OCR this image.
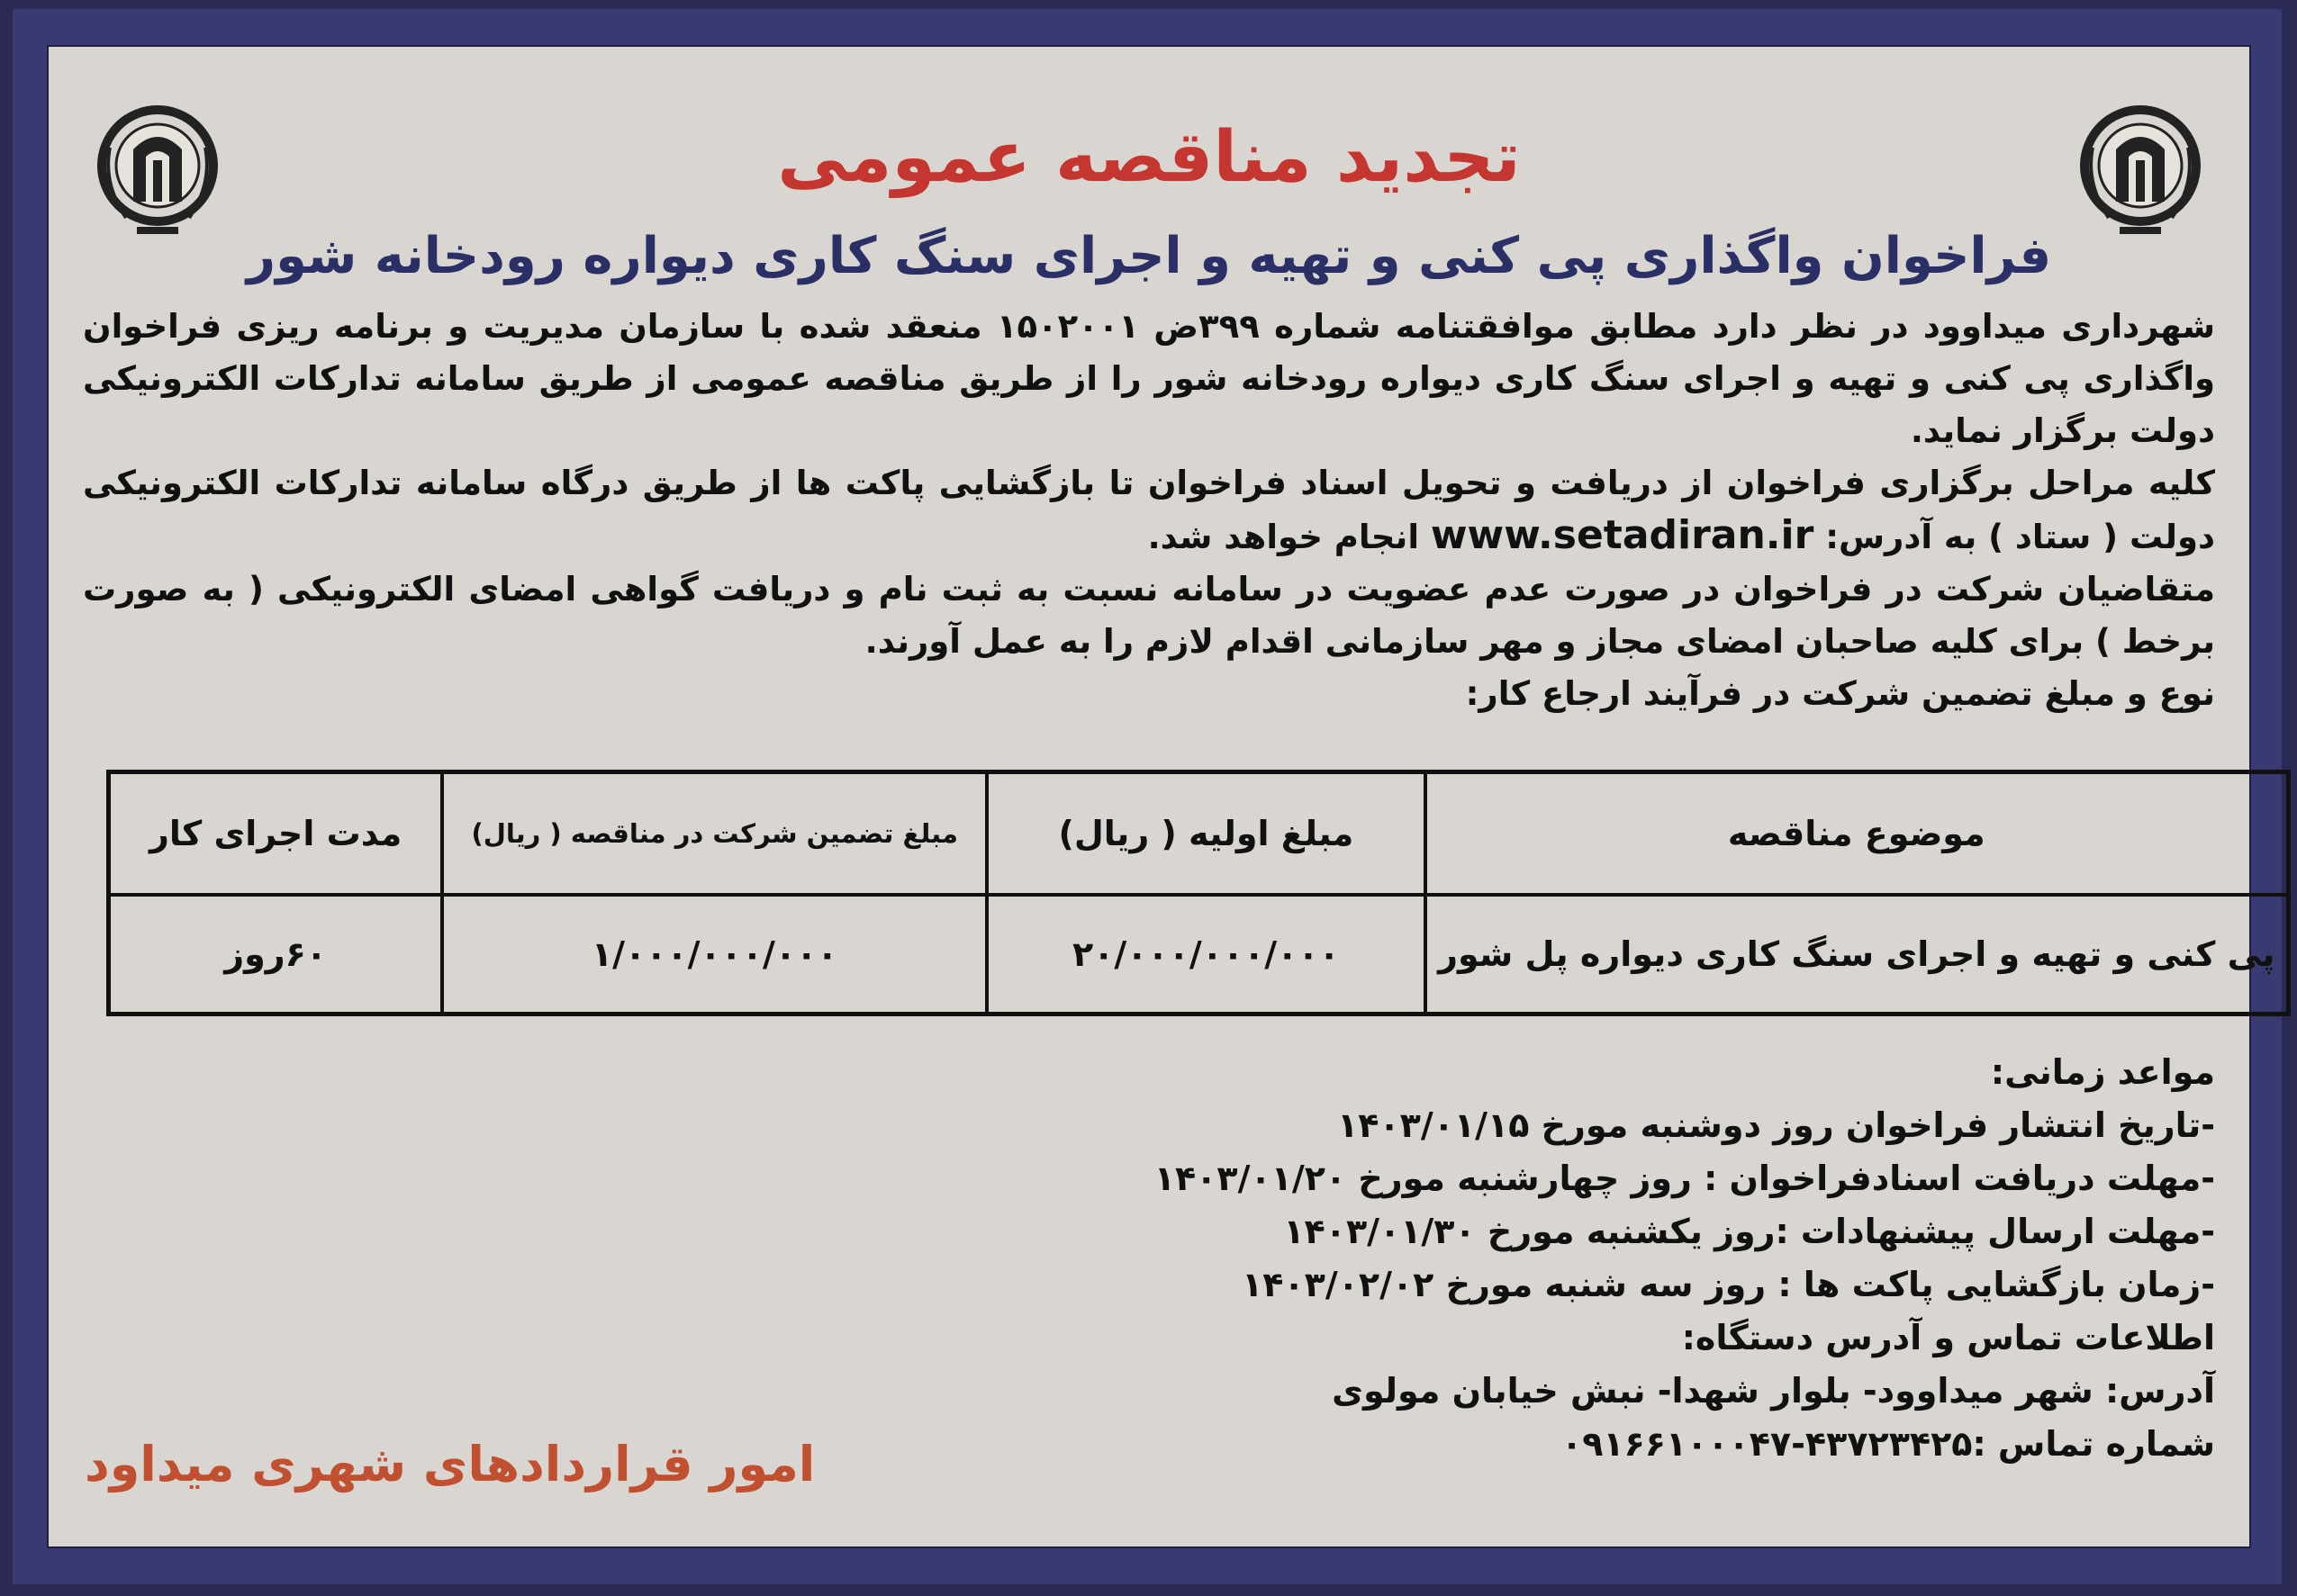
تجدید مناقصه عمومی
فراخوان واگذاری پی کنی و تهیه و اجرای سنگ کاری دیواره رودخانه شور

شهرداری میداوود در نظر دارد مطابق موافقتنامه شماره ۳۹۹ض ۱۵۰۲۰۰۱ منعقد شده با سازمان مدیریت و برنامه ریزی فراخوان واگذاری پی کنی و تهیه و اجرای سنگ کاری دیواره رودخانه شور را از طریق مناقصه عمومی از طریق سامانه تدارکات الکترونیکی دولت برگزار نماید.

کلیه مراحل برگزاری فراخوان از دریافت و تحویل اسناد فراخوان تا بازگشایی پاکت ها از طریق درگاه سامانه تدارکات الکترونیکی دولت ( ستاد ) به آدرس: www.setadiran.ir انجام خواهد شد.

متقاضیان شرکت در فراخوان در صورت عدم عضویت در سامانه نسبت به ثبت نام و دریافت گواهی امضای الکترونیکی ( به صورت برخط ) برای کلیه صاحبان امضای مجاز و مهر سازمانی اقدام لازم را به عمل آورند.

نوع و مبلغ تضمین شرکت در فرآیند ارجاع کار:

موضوع مناقصه	مبلغ اولیه ( ریال)	مبلغ تضمین شرکت در مناقصه ( ریال)	مدت اجرای کار
پی کنی و تهیه و اجرای سنگ کاری دیواره پل شور	۲۰/۰۰۰/۰۰۰/۰۰۰	۱/۰۰۰/۰۰۰/۰۰۰	۶۰روز

مواعد زمانی:

-تاریخ انتشار فراخوان روز دوشنبه مورخ ۱۴۰۳/۰۱/۱۵

-مهلت دریافت اسنادفراخوان : روز چهارشنبه مورخ ۱۴۰۳/۰۱/۲۰

-مهلت ارسال پیشنهادات :روز یکشنبه مورخ ۱۴۰۳/۰۱/۳۰

-زمان بازگشایی پاکت ها : روز سه شنبه مورخ ۱۴۰۳/۰۲/۰۲

اطلاعات تماس و آدرس دستگاه:

آدرس: شهر میداوود- بلوار شهدا- نبش خیابان مولوی

شماره تماس :۴۳۷۲۳۴۲۵-۰۹۱۶۶۱۰۰۰۴۷

امور قراردادهای شهری میداود
